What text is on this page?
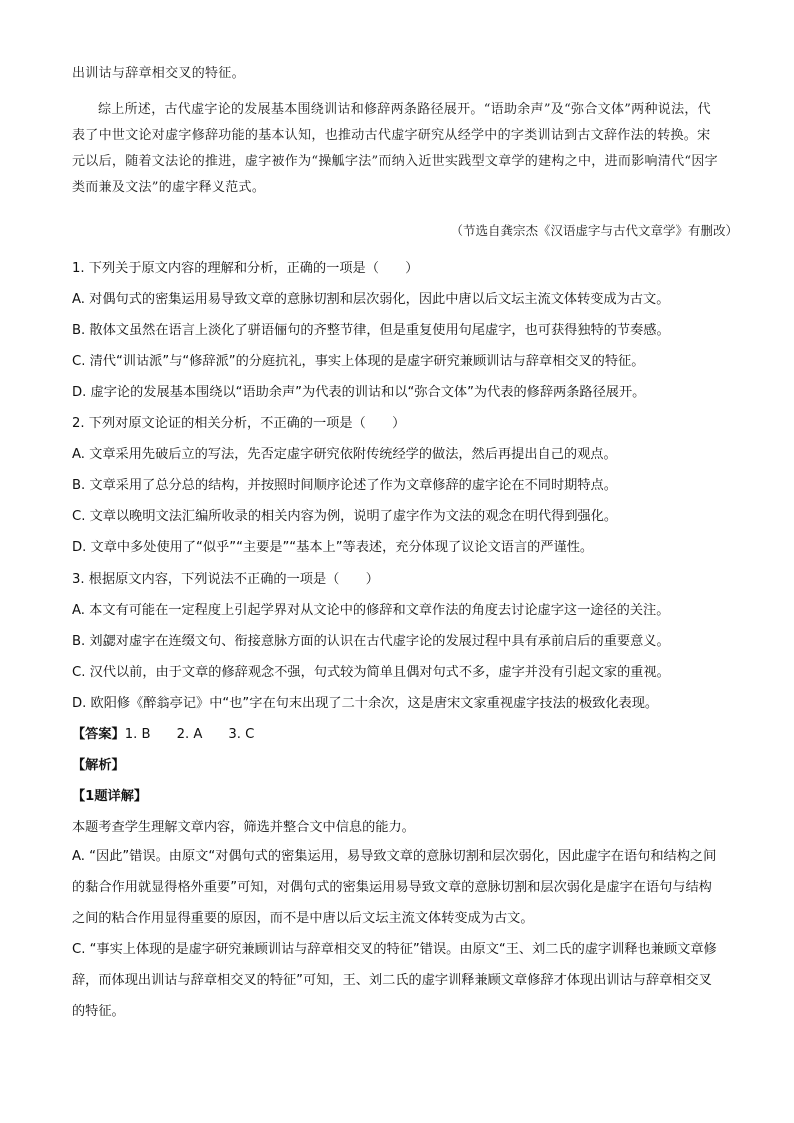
出训诂与辞章相交叉的特征。
综上所述，古代虚字论的发展基本围绕训诂和修辞两条路径展开。“语助余声”及“弥合文体”两种说法，代表了中世文论对虚字修辞功能的基本认知，也推动古代虚字研究从经学中的字类训诂到古文辞作法的转换。宋元以后，随着文法论的推进，虚字被作为“操觚字法”而纳入近世实践型文章学的建构之中，进而影响清代“因字类而兼及文法”的虚字释义范式。
（节选自龚宗杰《汉语虚字与古代文章学》有删改）
1. 下列关于原文内容的理解和分析，正确的一项是（　　）
A. 对偶句式的密集运用易导致文章的意脉切割和层次弱化，因此中唐以后文坛主流文体转变成为古文。
B. 散体文虽然在语言上淡化了骈语俪句的齐整节律，但是重复使用句尾虚字，也可获得独特的节奏感。
C. 清代“训诂派”与“修辞派”的分庭抗礼，事实上体现的是虚字研究兼顾训诂与辞章相交叉的特征。
D. 虚字论的发展基本围绕以“语助余声”为代表的训诂和以“弥合文体”为代表的修辞两条路径展开。
2. 下列对原文论证的相关分析，不正确的一项是（　　）
A. 文章采用先破后立的写法，先否定虚字研究依附传统经学的做法，然后再提出自己的观点。
B. 文章采用了总分总的结构，并按照时间顺序论述了作为文章修辞的虚字论在不同时期特点。
C. 文章以晚明文法汇编所收录的相关内容为例，说明了虚字作为文法的观念在明代得到强化。
D. 文章中多处使用了“似乎”“主要是”“基本上”等表述，充分体现了议论文语言的严谨性。
3. 根据原文内容，下列说法不正确的一项是（　　）
A. 本文有可能在一定程度上引起学界对从文论中的修辞和文章作法的角度去讨论虚字这一途径的关注。
B. 刘勰对虚字在连缀文句、衔接意脉方面的认识在古代虚字论的发展过程中具有承前启后的重要意义。
C. 汉代以前，由于文章的修辞观念不强，句式较为简单且偶对句式不多，虚字并没有引起文家的重视。
D. 欧阳修《醉翁亭记》中“也”字在句末出现了二十余次，这是唐宋文家重视虚字技法的极致化表现。
【答案】1. B 2. A 3. C
【解析】
【1题详解】
本题考查学生理解文章内容，筛选并整合文中信息的能力。
A. “因此”错误。由原文“对偶句式的密集运用，易导致文章的意脉切割和层次弱化，因此虚字在语句和结构之间的黏合作用就显得格外重要”可知，对偶句式的密集运用易导致文章的意脉切割和层次弱化是虚字在语句与结构之间的粘合作用显得重要的原因，而不是中唐以后文坛主流文体转变成为古文。
C. “事实上体现的是虚字研究兼顾训诂与辞章相交叉的特征”错误。由原文“王、刘二氏的虚字训释也兼顾文章修辞，而体现出训诂与辞章相交叉的特征”可知，王、刘二氏的虚字训释兼顾文章修辞才体现出训诂与辞章相交叉的特征。
